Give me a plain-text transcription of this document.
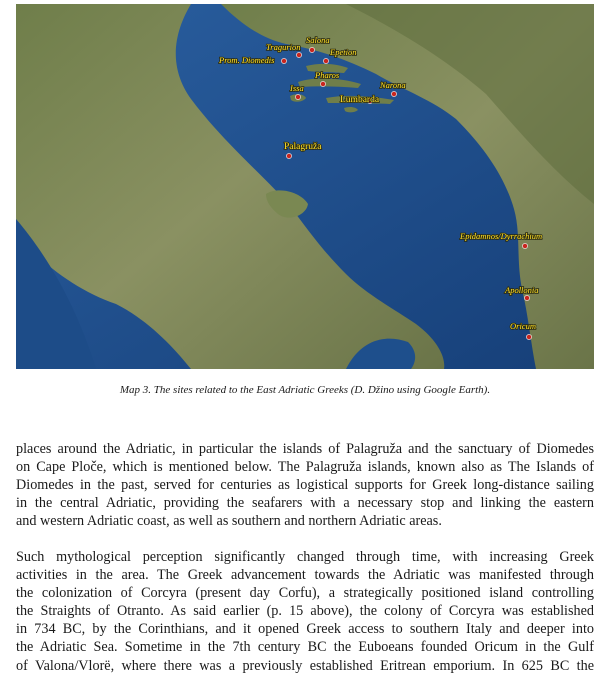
Salona
Tragurion	Epetion
Prom. Diomedis
Pharos
Issa	Narona
Lumbarda
Palagruža
Epidamnos/Dyrrachium
Apollonia
Oricum
Map 3. The sites related to the East Adriatic Greeks (D. Džino using Google Earth).

places around the Adriatic, in particular the islands of Palagruža and the sanctuary of Diomedes
on Cape Ploče, which is mentioned below. The Palagruža islands, known also as The Islands of
Diomedes in the past, served for centuries as logistical supports for Greek long-distance sailing
in the central Adriatic, providing the seafarers with a necessary stop and linking the eastern
and western Adriatic coast, as well as southern and northern Adriatic areas.

Such mythological perception significantly changed through time, with increasing Greek
activities in the area. The Greek advancement towards the Adriatic was manifested through
the colonization of Corcyra (present day Corfu), a strategically positioned island controlling
the Straights of Otranto. As said earlier (p. 15 above), the colony of Corcyra was established
in 734 BC, by the Corinthians, and it opened Greek access to southern Italy and deeper into
the Adriatic Sea. Sometime in the 7th century BC the Euboeans founded Oricum in the Gulf
of Valona/Vlorë, where there was a previously established Eritrean emporium. In 625 BC the
